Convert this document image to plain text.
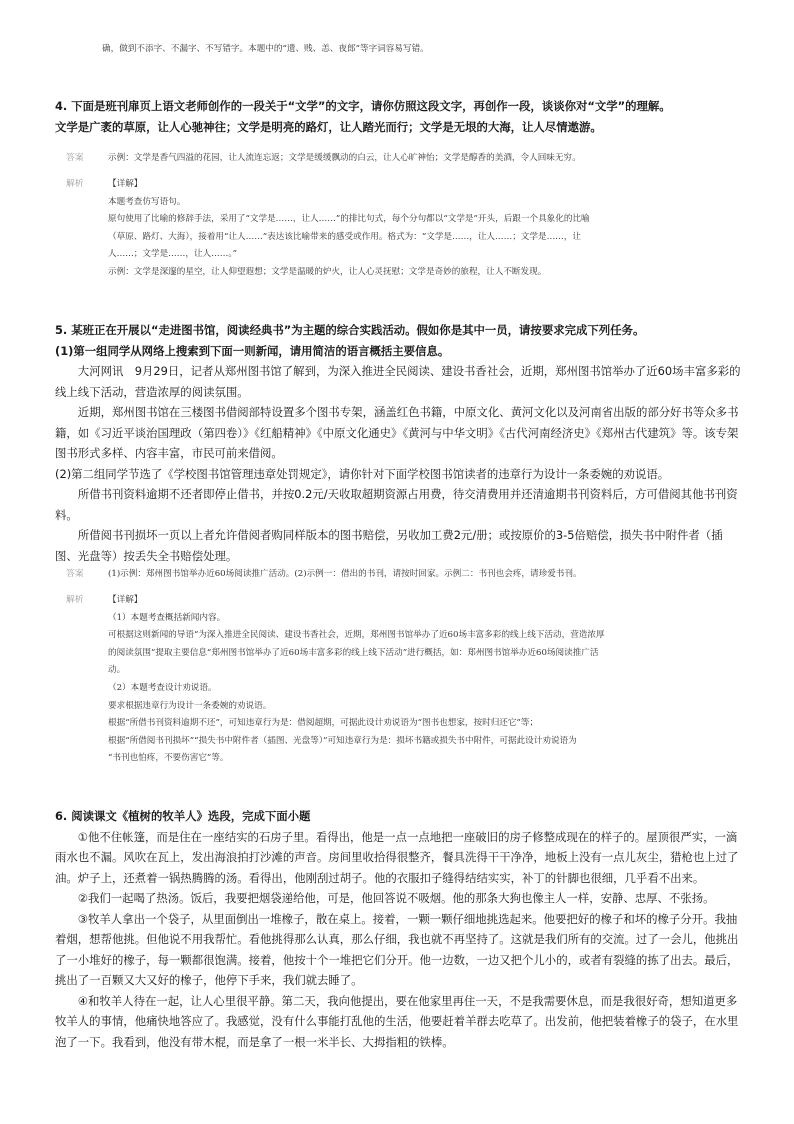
确，做到不添字、不漏字、不写错字。本题中的“遗、贱、恙、夜郎”等字词容易写错。

4. 下面是班刊扉页上语文老师创作的一段关于“文学”的文字，请你仿照这段文字，再创作一段，谈谈你对“文学”的理解。

文学是广袤的草原，让人心驰神往；文学是明亮的路灯，让人踏光而行；文学是无垠的大海，让人尽情遨游。

答案	示例：文学是香气四溢的花园，让人流连忘返；文学是缓缓飘动的白云，让人心旷神怡；文学是醇香的美酒，令人回味无穷。

解析	【详解】

本题考查仿写语句。

原句使用了比喻的修辞手法，采用了“文学是……，让人……”的排比句式，每个分句都以“文学是”开头，后跟一个具象化的比喻

（草原、路灯、大海），接着用“让人……”表达该比喻带来的感受或作用。格式为：“文学是……，让人……；文学是……，让

人……；文学是……，让人……。”

示例：文学是深邃的星空，让人仰望遐想；文学是温暖的炉火，让人心灵抚慰；文学是奇妙的旅程，让人不断发现。

5. 某班正在开展以“走进图书馆，阅读经典书”为主题的综合实践活动。假如你是其中一员，请按要求完成下列任务。

(1)第一组同学从网络上搜索到下面一则新闻，请用简洁的语言概括主要信息。

大河网讯　9月29日，记者从郑州图书馆了解到，为深入推进全民阅读、建设书香社会，近期，郑州图书馆举办了近60场丰富多彩的线上线下活动，营造浓厚的阅读氛围。

近期，郑州图书馆在三楼图书借阅部特设置多个图书专架，涵盖红色书籍，中原文化、黄河文化以及河南省出版的部分好书等众多书籍，如《习近平谈治国理政（第四卷）》《红船精神》《中原文化通史》《黄河与中华文明》《古代河南经济史》《郑州古代建筑》等。该专架图书形式多样、内容丰富，市民可前来借阅。

(2)第二组同学节选了《学校图书馆管理违章处罚规定》，请你针对下面学校图书馆读者的违章行为设计一条委婉的劝说语。

所借书刊资料逾期不还者即停止借书，并按0.2元/天收取超期资源占用费，待交清费用并还清逾期书刊资料后，方可借阅其他书刊资料。

所借阅书刊损坏一页以上者允许借阅者购同样版本的图书赔偿，另收加工费2元/册；或按原价的3-5倍赔偿，损失书中附件者（插图、光盘等）按丢失全书赔偿处理。

答案	(1)示例：郑州图书馆举办近60场阅读推广活动。(2)示例一：借出的书刊，请按时回家。示例二：书刊也会疼，请珍爱书刊。

解析	【详解】

（1）本题考查概括新闻内容。

可根据这则新闻的导语“为深入推进全民阅读、建设书香社会，近期，郑州图书馆举办了近60场丰富多彩的线上线下活动，营造浓厚

的阅读氛围”提取主要信息“郑州图书馆举办了近60场丰富多彩的线上线下活动”进行概括，如：郑州图书馆举办近60场阅读推广活

动。

（2）本题考查设计劝说语。

要求根据违章行为设计一条委婉的劝说语。

根据“所借书刊资料逾期不还”，可知违章行为是：借阅超期，可据此设计劝说语为“图书也想家，按时归还它”等；

根据“所借阅书刊损坏”“损失书中附件者（插图、光盘等）”可知违章行为是：损坏书籍或损失书中附件，可据此设计劝说语为

“书刊也怕疼，不要伤害它”等。

6. 阅读课文《植树的牧羊人》选段，完成下面小题

①他不住帐篷，而是住在一座结实的石房子里。看得出，他是一点一点地把一座破旧的房子修整成现在的样子的。屋顶很严实，一滴雨水也不漏。风吹在瓦上，发出海浪拍打沙滩的声音。房间里收拾得很整齐，餐具洗得干干净净，地板上没有一点儿灰尘，猎枪也上过了油。炉子上，还煮着一锅热腾腾的汤。看得出，他刚刮过胡子。他的衣服扣子缝得结结实实，补丁的针脚也很细，几乎看不出来。

②我们一起喝了热汤。饭后，我要把烟袋递给他，可是，他回答说不吸烟。他的那条大狗也像主人一样，安静、忠厚、不张扬。

③牧羊人拿出一个袋子，从里面倒出一堆橡子，散在桌上。接着，一颗一颗仔细地挑选起来。他要把好的橡子和坏的橡子分开。我抽着烟，想帮他挑。但他说不用我帮忙。看他挑得那么认真，那么仔细，我也就不再坚持了。这就是我们所有的交流。过了一会儿，他挑出了一小堆好的橡子，每一颗都很饱满。接着，他按十个一堆把它们分开。他一边数，一边又把个儿小的，或者有裂缝的拣了出去。最后，挑出了一百颗又大又好的橡子，他停下手来，我们就去睡了。

④和牧羊人待在一起，让人心里很平静。第二天，我向他提出，要在他家里再住一天，不是我需要休息，而是我很好奇，想知道更多牧羊人的事情，他痛快地答应了。我感觉，没有什么事能打乱他的生活，他要赶着羊群去吃草了。出发前，他把装着橡子的袋子，在水里泡了一下。我看到，他没有带木棍，而是拿了一根一米半长、大拇指粗的铁棒。
